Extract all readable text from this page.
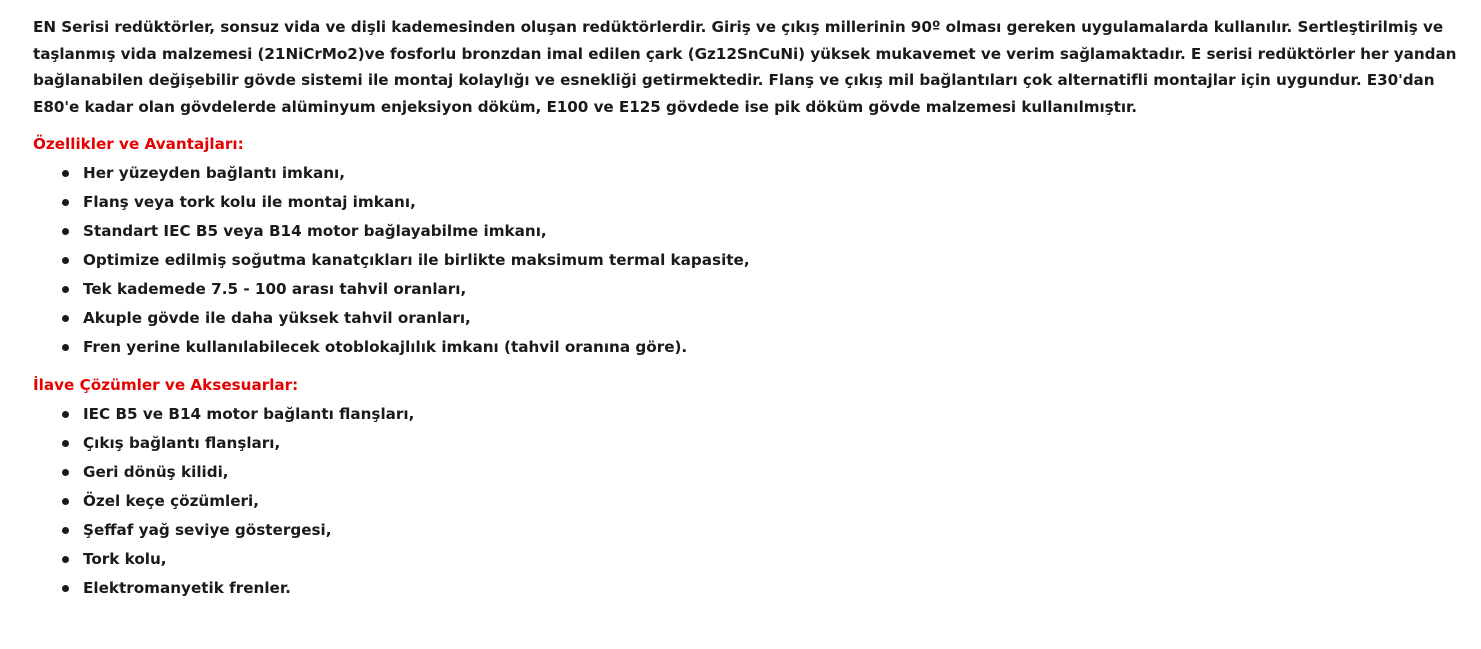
EN Serisi redüktörler, sonsuz vida ve dişli kademesinden oluşan redüktörlerdir. Giriş ve çıkış millerinin 90º olması gereken uygulamalarda kullanılır. Sertleştirilmiş ve taşlanmış vida malzemesi (21NiCrMo2)ve fosforlu bronzdan imal edilen çark (Gz12SnCuNi) yüksek mukavemet ve verim sağlamaktadır. E serisi redüktörler her yandan bağlanabilen değişebilir gövde sistemi ile montaj kolaylığı ve esnekliği getirmektedir. Flanş ve çıkış mil bağlantıları çok alternatifli montajlar için uygundur. E30'dan E80'e kadar olan gövdelerde alüminyum enjeksiyon döküm, E100 ve E125 gövdede ise pik döküm gövde malzemesi kullanılmıştır.

Özellikler ve Avantajları:
Her yüzeyden bağlantı imkanı,
Flanş veya tork kolu ile montaj imkanı,
Standart IEC B5 veya B14 motor bağlayabilme imkanı,
Optimize edilmiş soğutma kanatçıkları ile birlikte maksimum termal kapasite,
Tek kademede 7.5 - 100 arası tahvil oranları,
Akuple gövde ile daha yüksek tahvil oranları,
Fren yerine kullanılabilecek otoblokajlılık imkanı (tahvil oranına göre).
İlave Çözümler ve Aksesuarlar:
IEC B5 ve B14 motor bağlantı flanşları,
Çıkış bağlantı flanşları,
Geri dönüş kilidi,
Özel keçe çözümleri,
Şeffaf yağ seviye göstergesi,
Tork kolu,
Elektromanyetik frenler.
